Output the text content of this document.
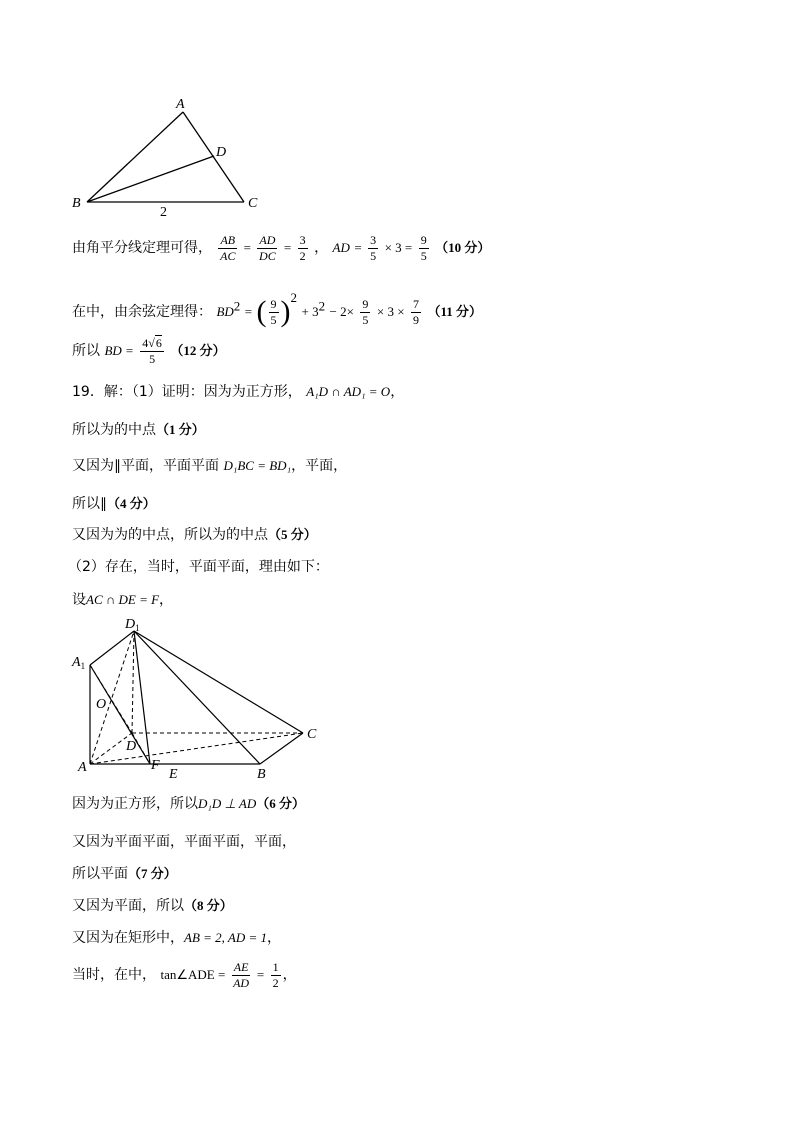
A
D
B	C
2
由角平分线定理可得， $\frac{AB}{AC} = \frac{AD}{DC} = \frac{3}{2}$ ， AD = $\frac{3}{5} \times 3 = \frac{9}{5} (10$ 分）
在中，由余弦定理得： $BD^2$ = ( $\frac{9}{5} )^2 + 3^2 - 2\times \frac{9}{5} \times 3 \times \frac{7}{9} (11$ 分）
所以 BD = $\frac{4√6}{5} (12$ 分）
19．解：（1）证明：因为为正方形， A₁D ∩ AD₁ = O，
所以为的中点（1 分）
又因为∥平面，平面平面 D₁BC = BD₁，平面，
所以∥（4 分）
又因为为的中点，所以为的中点（5 分）
（2）存在，当时，平面平面，理由如下：
设AC ∩ DE = F，
$D_1$
$A_1$
O
D
A	F
E	B
C
因为为正方形，所以D₁D ⊥ AD（6 分）
又因为平面平面，平面平面，平面，
所以平面（7 分）
又因为平面，所以（8 分）
又因为在矩形中，AB = 2, AD = 1，
当时，在中， tan∠ADE = $\frac{AE}{AD} = \frac{1}{2}$ ，
